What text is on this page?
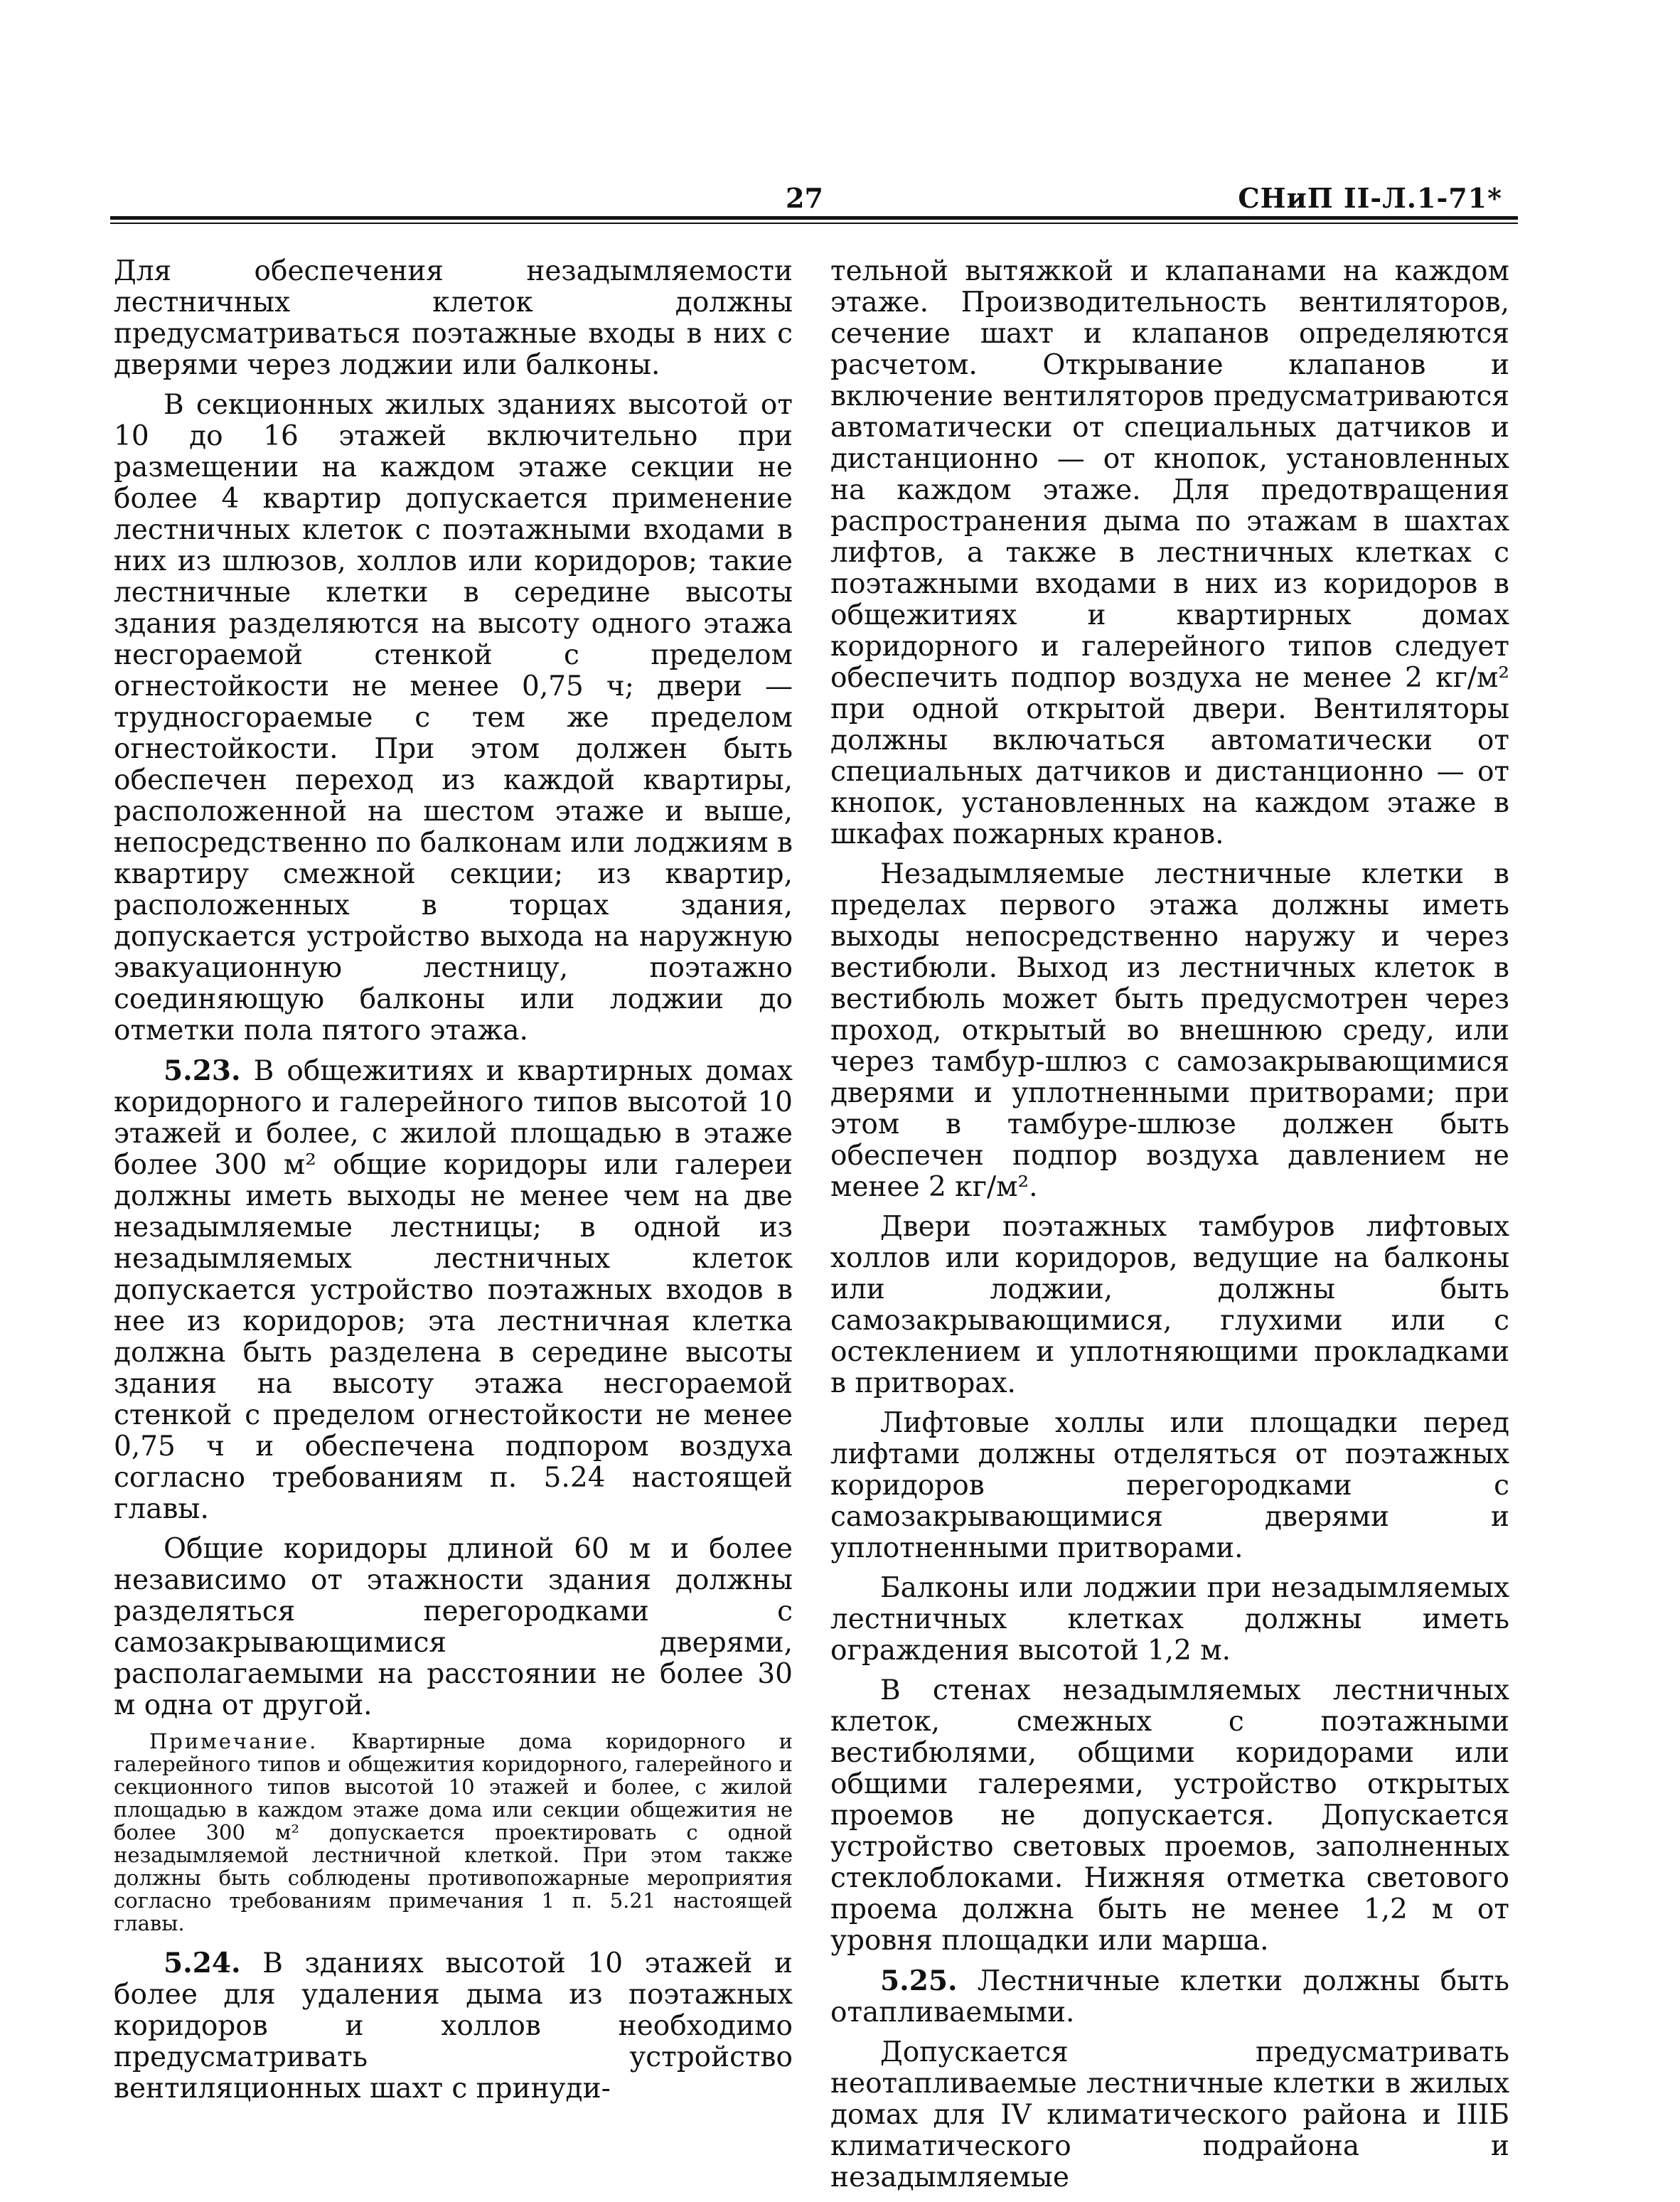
27	СНиП II-Л.1-71*

Для обеспечения незадымляемости лестничных клеток должны предусматриваться поэтажные входы в них с дверями через лоджии или балконы.

В секционных жилых зданиях высотой от 10 до 16 этажей включительно при размещении на каждом этаже секции не более 4 квартир допускается применение лестничных клеток с поэтажными входами в них из шлюзов, холлов или коридоров; такие лестничные клетки в середине высоты здания разделяются на высоту одного этажа несгораемой стенкой с пределом огнестойкости не менее 0,75 ч; двери — трудносгораемые с тем же пределом огнестойкости. При этом должен быть обеспечен переход из каждой квартиры, расположенной на шестом этаже и выше, непосредственно по балконам или лоджиям в квартиру смежной секции; из квартир, расположенных в торцах здания, допускается устройство выхода на наружную эвакуационную лестницу, поэтажно соединяющую балконы или лоджии до отметки пола пятого этажа.

5.23. В общежитиях и квартирных домах коридорного и галерейного типов высотой 10 этажей и более, с жилой площадью в этаже более 300 м² общие коридоры или галереи должны иметь выходы не менее чем на две незадымляемые лестницы; в одной из незадымляемых лестничных клеток допускается устройство поэтажных входов в нее из коридоров; эта лестничная клетка должна быть разделена в середине высоты здания на высоту этажа несгораемой стенкой с пределом огнестойкости не менее 0,75 ч и обеспечена подпором воздуха согласно требованиям п. 5.24 настоящей главы.

Общие коридоры длиной 60 м и более независимо от этажности здания должны разделяться перегородками с самозакрывающимися дверями, располагаемыми на расстоянии не более 30 м одна от другой.

Примечание. Квартирные дома коридорного и галерейного типов и общежития коридорного, галерейного и секционного типов высотой 10 этажей и более, с жилой площадью в каждом этаже дома или секции общежития не более 300 м² допускается проектировать с одной незадымляемой лестничной клеткой. При этом также должны быть соблюдены противопожарные мероприятия согласно требованиям примечания 1 п. 5.21 настоящей главы.

5.24. В зданиях высотой 10 этажей и более для удаления дыма из поэтажных коридоров и холлов необходимо предусматривать устройство вентиляционных шахт с принуди-

тельной вытяжкой и клапанами на каждом этаже. Производительность вентиляторов, сечение шахт и клапанов определяются расчетом. Открывание клапанов и включение вентиляторов предусматриваются автоматически от специальных датчиков и дистанционно — от кнопок, установленных на каждом этаже. Для предотвращения распространения дыма по этажам в шахтах лифтов, а также в лестничных клетках с поэтажными входами в них из коридоров в общежитиях и квартирных домах коридорного и галерейного типов следует обеспечить подпор воздуха не менее 2 кг/м² при одной открытой двери. Вентиляторы должны включаться автоматически от специальных датчиков и дистанционно — от кнопок, установленных на каждом этаже в шкафах пожарных кранов.

Незадымляемые лестничные клетки в пределах первого этажа должны иметь выходы непосредственно наружу и через вестибюли. Выход из лестничных клеток в вестибюль может быть предусмотрен через проход, открытый во внешнюю среду, или через тамбур-шлюз с самозакрывающимися дверями и уплотненными притворами; при этом в тамбуре-шлюзе должен быть обеспечен подпор воздуха давлением не менее 2 кг/м².

Двери поэтажных тамбуров лифтовых холлов или коридоров, ведущие на балконы или лоджии, должны быть самозакрывающимися, глухими или с остеклением и уплотняющими прокладками в притворах.

Лифтовые холлы или площадки перед лифтами должны отделяться от поэтажных коридоров перегородками с самозакрывающимися дверями и уплотненными притворами.

Балконы или лоджии при незадымляемых лестничных клетках должны иметь ограждения высотой 1,2 м.

В стенах незадымляемых лестничных клеток, смежных с поэтажными вестибюлями, общими коридорами или общими галереями, устройство открытых проемов не допускается. Допускается устройство световых проемов, заполненных стеклоблоками. Нижняя отметка светового проема должна быть не менее 1,2 м от уровня площадки или марша.

5.25. Лестничные клетки должны быть отапливаемыми.

Допускается предусматривать неотапливаемые лестничные клетки в жилых домах для IV климатического района и IIIБ климатического подрайона и незадымляемые
